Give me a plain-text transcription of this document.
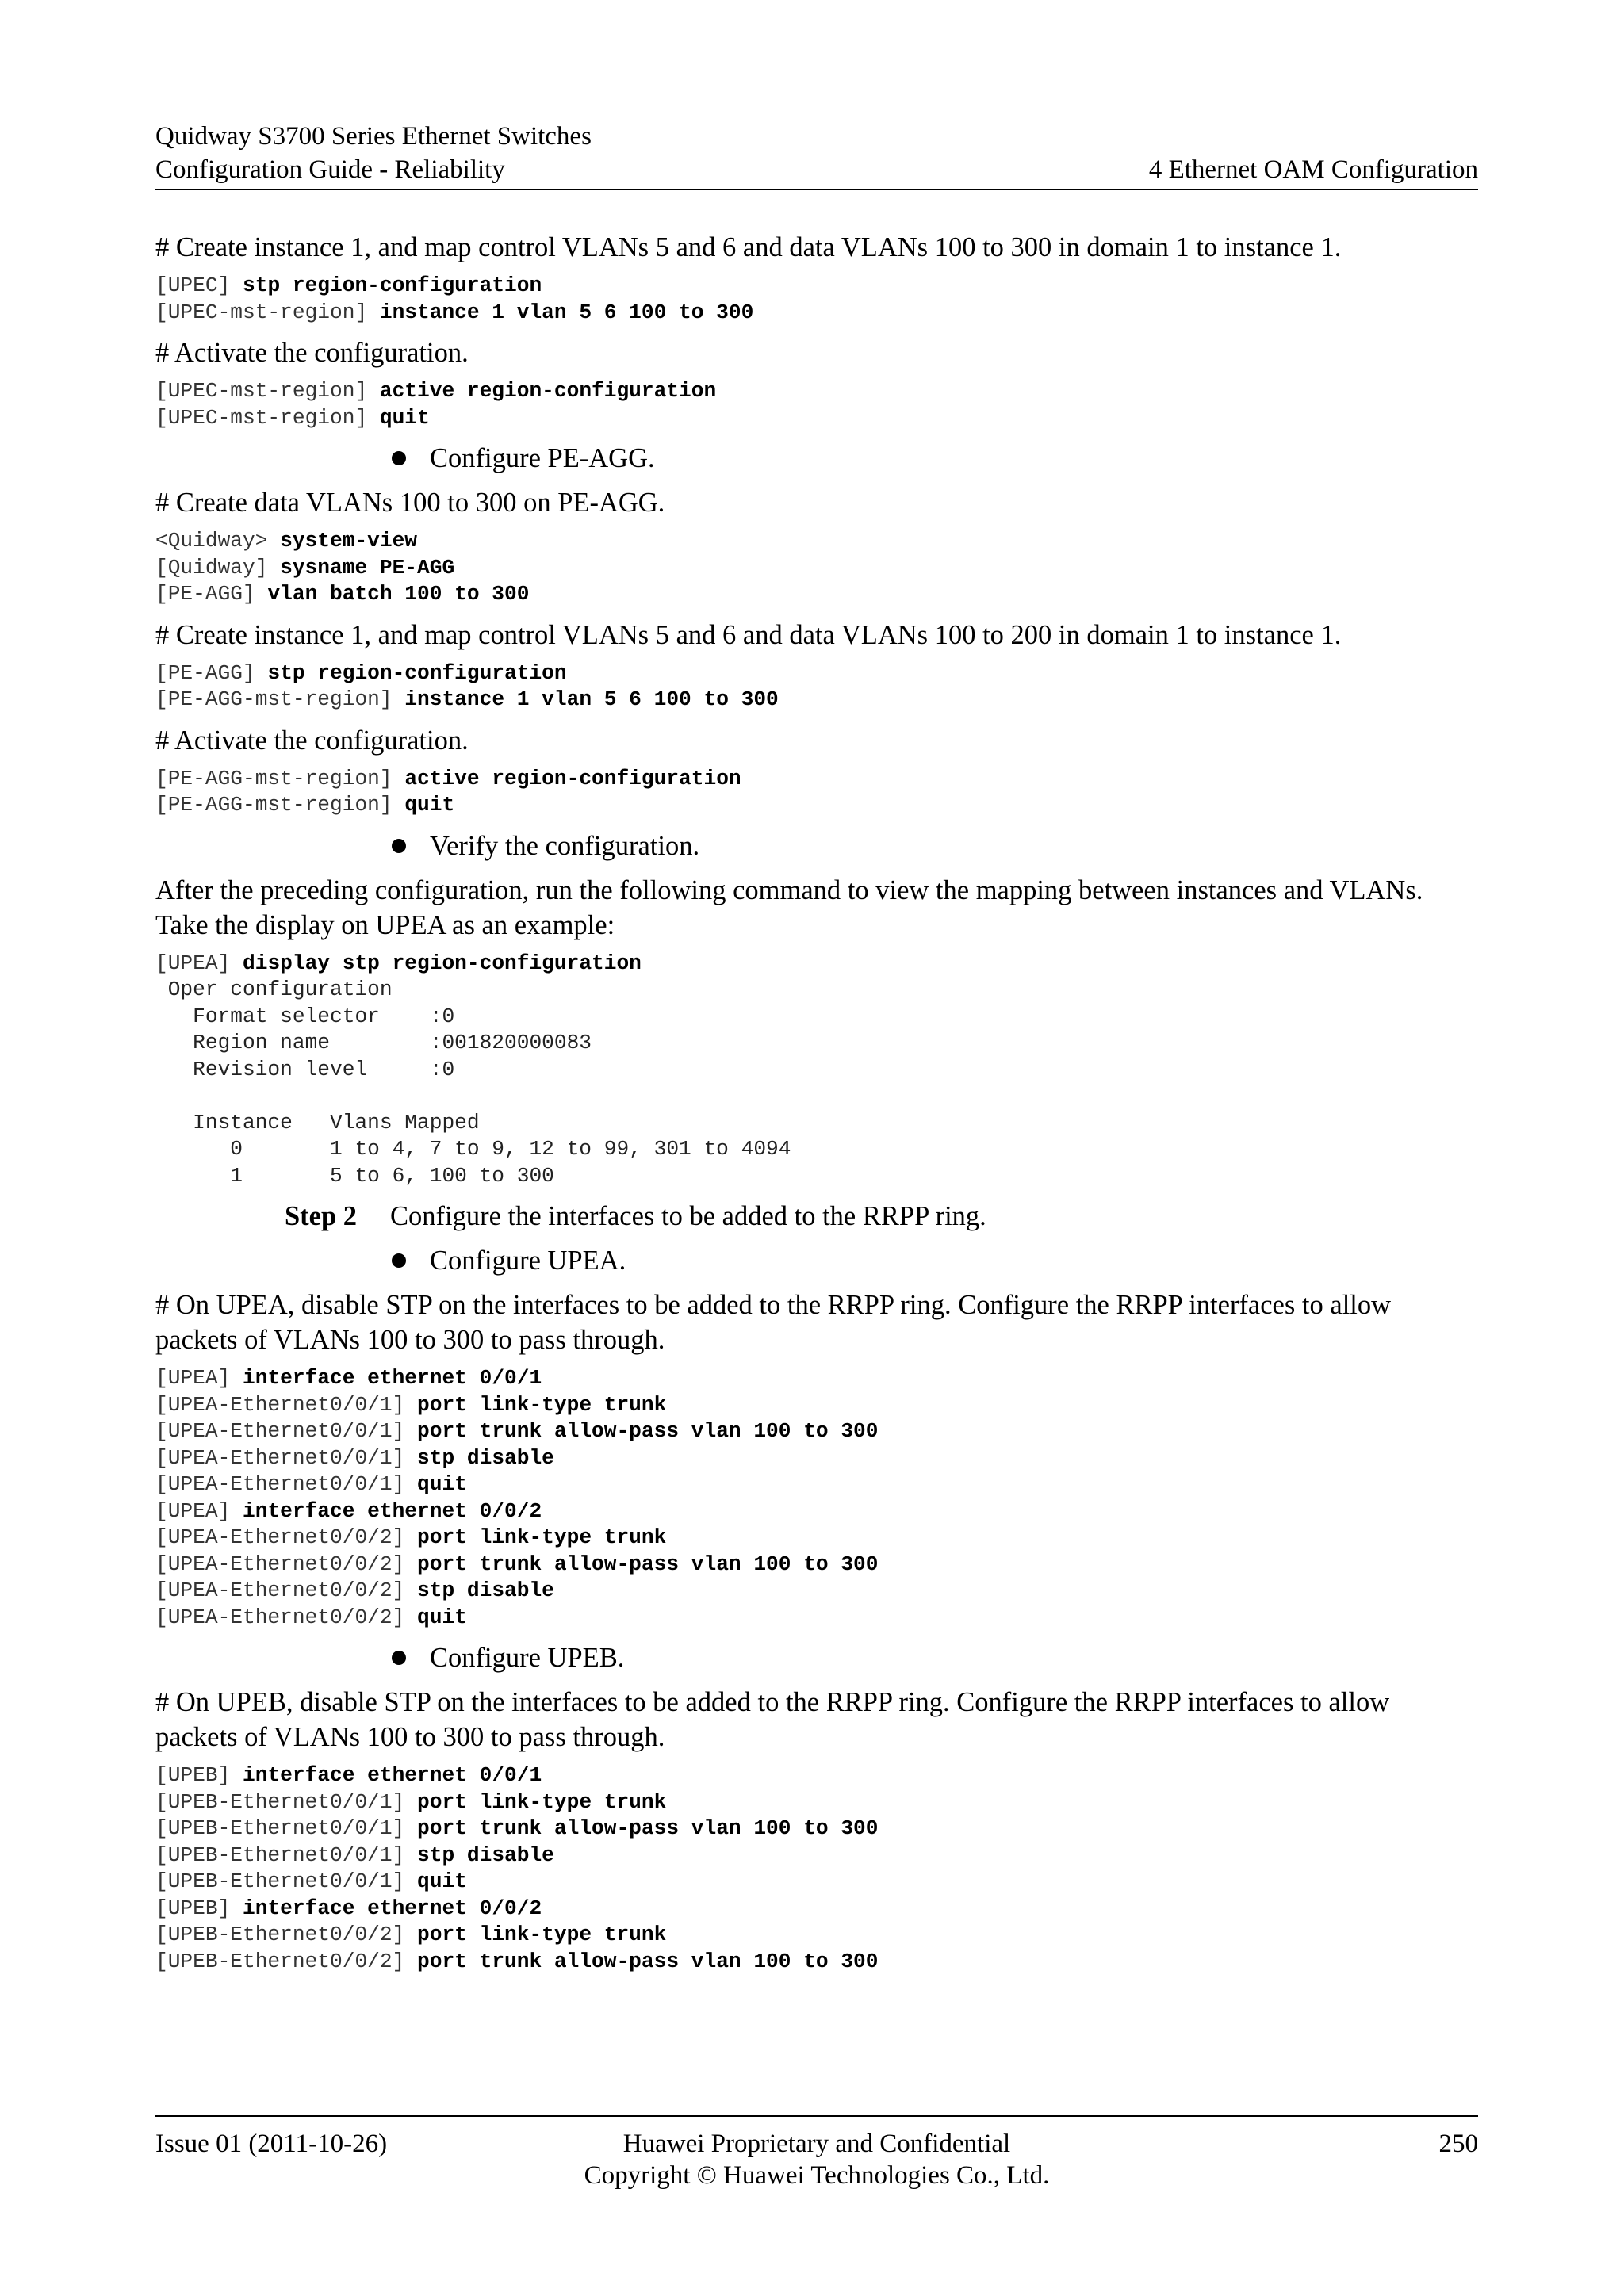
Quidway S3700 Series Ethernet Switches
Configuration Guide - Reliability	4 Ethernet OAM Configuration

# Create instance 1, and map control VLANs 5 and 6 and data VLANs 100 to 300 in domain 1 to instance 1.

[UPEC] stp region-configuration
[UPEC-mst-region] instance 1 vlan 5 6 100 to 300

# Activate the configuration.

[UPEC-mst-region] active region-configuration
[UPEC-mst-region] quit
Configure PE-AGG.

# Create data VLANs 100 to 300 on PE-AGG.

<Quidway> system-view
[Quidway] sysname PE-AGG
[PE-AGG] vlan batch 100 to 300

# Create instance 1, and map control VLANs 5 and 6 and data VLANs 100 to 200 in domain 1 to instance 1.

[PE-AGG] stp region-configuration
[PE-AGG-mst-region] instance 1 vlan 5 6 100 to 300

# Activate the configuration.

[PE-AGG-mst-region] active region-configuration
[PE-AGG-mst-region] quit
Verify the configuration.

After the preceding configuration, run the following command to view the mapping between instances and VLANs. Take the display on UPEA as an example:

[UPEA] display stp region-configuration
Oper configuration
Format selector    :0
Region name        :001820000083
Revision level     :0

Instance   Vlans Mapped
0       1 to 4, 7 to 9, 12 to 99, 301 to 4094
1       5 to 6, 100 to 300
Step 2 Configure the interfaces to be added to the RRPP ring.
Configure UPEA.

# On UPEA, disable STP on the interfaces to be added to the RRPP ring. Configure the RRPP interfaces to allow packets of VLANs 100 to 300 to pass through.

[UPEA] interface ethernet 0/0/1
[UPEA-Ethernet0/0/1] port link-type trunk
[UPEA-Ethernet0/0/1] port trunk allow-pass vlan 100 to 300
[UPEA-Ethernet0/0/1] stp disable
[UPEA-Ethernet0/0/1] quit
[UPEA] interface ethernet 0/0/2
[UPEA-Ethernet0/0/2] port link-type trunk
[UPEA-Ethernet0/0/2] port trunk allow-pass vlan 100 to 300
[UPEA-Ethernet0/0/2] stp disable
[UPEA-Ethernet0/0/2] quit
Configure UPEB.

# On UPEB, disable STP on the interfaces to be added to the RRPP ring. Configure the RRPP interfaces to allow packets of VLANs 100 to 300 to pass through.

[UPEB] interface ethernet 0/0/1
[UPEB-Ethernet0/0/1] port link-type trunk
[UPEB-Ethernet0/0/1] port trunk allow-pass vlan 100 to 300
[UPEB-Ethernet0/0/1] stp disable
[UPEB-Ethernet0/0/1] quit
[UPEB] interface ethernet 0/0/2
[UPEB-Ethernet0/0/2] port link-type trunk
[UPEB-Ethernet0/0/2] port trunk allow-pass vlan 100 to 300
Issue 01 (2011-10-26)	Huawei Proprietary and Confidential
Copyright © Huawei Technologies Co., Ltd.
250
